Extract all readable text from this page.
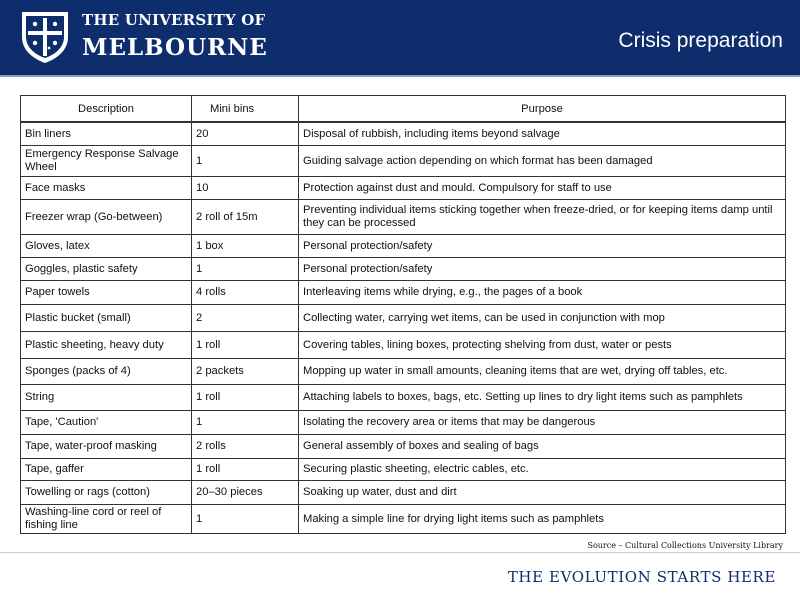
THE UNIVERSITY OF
MELBOURNE	Crisis preparation
Description	Mini bins	Purpose
Bin liners	20	Disposal of rubbish, including items beyond salvage
Emergency Response Salvage Wheel	1	Guiding salvage action depending on which format has been damaged
Face masks	10	Protection against dust and mould. Compulsory for staff to use
Freezer wrap (Go-between)	2 roll of 15m	Preventing individual items sticking together when freeze-dried, or for keeping items damp until they can be processed
Gloves, latex	1 box	Personal protection/safety
Goggles, plastic safety	1	Personal protection/safety
Paper towels	4 rolls	Interleaving items while drying, e.g., the pages of a book
Plastic bucket (small)	2	Collecting water, carrying wet items, can be used in conjunction with mop
Plastic sheeting, heavy duty	1 roll	Covering tables, lining boxes, protecting shelving from dust, water or pests
Sponges (packs of 4)	2 packets	Mopping up water in small amounts, cleaning items that are wet, drying off tables, etc.
String	1 roll	Attaching labels to boxes, bags, etc. Setting up lines to dry light items such as pamphlets
Tape, 'Caution'	1	Isolating the recovery area or items that may be dangerous
Tape, water-proof masking	2 rolls	General assembly of boxes and sealing of bags
Tape, gaffer	1 roll	Securing plastic sheeting, electric cables, etc.
Towelling or rags (cotton)	20–30 pieces	Soaking up water, dust and dirt
Washing-line cord or reel of fishing line	1	Making a simple line for drying light items such as pamphlets
Source – Cultural Collections University Library
THE EVOLUTION STARTS HERE
